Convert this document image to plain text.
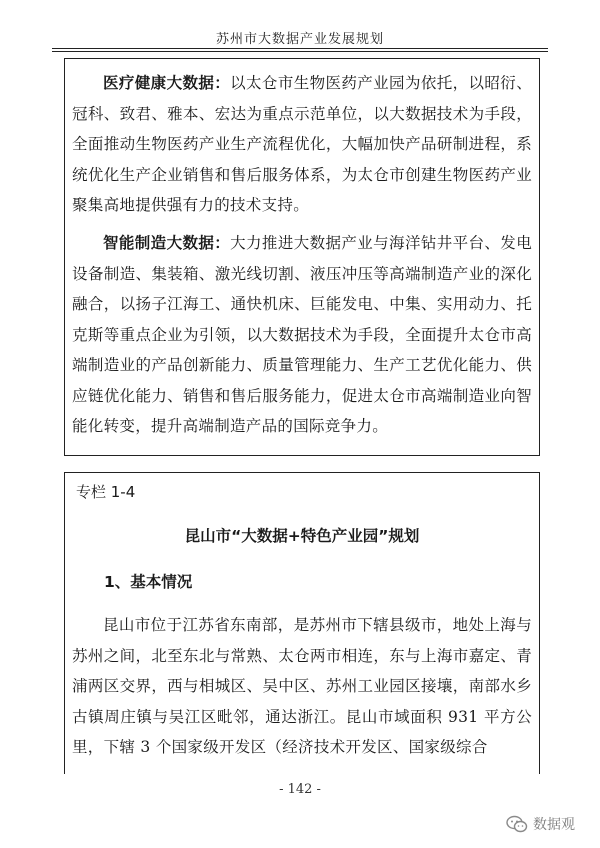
苏州市大数据产业发展规划

医疗健康大数据：以太仓市生物医药产业园为依托，以昭衍、冠科、致君、雅本、宏达为重点示范单位，以大数据技术为手段，全面推动生物医药产业生产流程优化，大幅加快产品研制进程，系统优化生产企业销售和售后服务体系，为太仓市创建生物医药产业聚集高地提供强有力的技术支持。

智能制造大数据：大力推进大数据产业与海洋钻井平台、发电设备制造、集装箱、激光线切割、液压冲压等高端制造产业的深化融合，以扬子江海工、通快机床、巨能发电、中集、实用动力、托克斯等重点企业为引领，以大数据技术为手段，全面提升太仓市高端制造业的产品创新能力、质量管理能力、生产工艺优化能力、供应链优化能力、销售和售后服务能力，促进太仓市高端制造业向智能化转变，提升高端制造产品的国际竞争力。

专栏 1-4
昆山市“大数据+特色产业园”规划
1、基本情况

昆山市位于江苏省东南部，是苏州市下辖县级市，地处上海与苏州之间，北至东北与常熟、太仓两市相连，东与上海市嘉定、青浦两区交界，西与相城区、吴中区、苏州工业园区接壤，南部水乡古镇周庄镇与吴江区毗邻，通达浙江。昆山市域面积 931 平方公里，下辖 3 个国家级开发区（经济技术开发区、国家级综合

- 142 -
数据观
